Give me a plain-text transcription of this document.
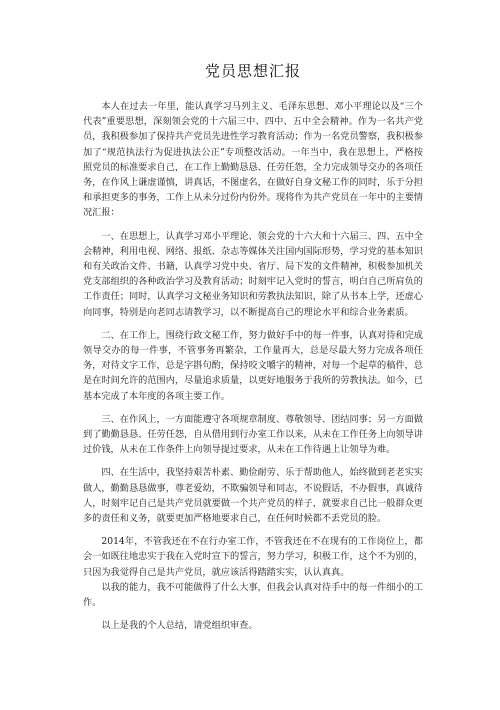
党员思想汇报

本人在过去一年里，能认真学习马列主义、毛泽东思想、邓小平理论以及“三个代表”重要思想，深刻领会党的十六届三中、四中、五中全会精神。作为一名共产党员，我积极参加了保持共产党员先进性学习教育活动；作为一名党员警察，我积极参加了“规范执法行为促进执法公正”专项整改活动。一年当中，我在思想上，严格按照党员的标准要求自己，在工作上勤勤恳恳、任劳任怨，全力完成领导交办的各项任务，在作风上谦虚谨慎，讲真话，不图虚名，在做好自身文秘工作的同时，乐于分担和承担更多的事务，工作上从未分过份内份外。现将作为共产党员在一年中的主要情况汇报：

一、在思想上，认真学习邓小平理论、领会党的十六大和十六届三、四、五中全会精神，利用电视、网络、报纸、杂志等媒体关注国内国际形势，学习党的基本知识和有关政治文件、书籍，认真学习党中央、省厅、局下发的文件精神，积极参加机关党支部组织的各种政治学习及教育活动；时刻牢记入党时的誓言，明白自己所肩负的工作责任；同时，认真学习文秘业务知识和劳教执法知识，除了从书本上学，还虚心向同事，特别是向老同志请教学习，以不断提高自己的理论水平和综合业务素质。

二、在工作上，围绕行政文秘工作，努力做好手中的每一件事，认真对待和完成领导交办的每一件事，不管事务再繁杂，工作量再大，总是尽最大努力完成各项任务，对待文字工作，总是字斟句酌，保持咬文嚼字的精神，对每一个起草的稿件，总是在时间允许的范围内，尽量追求质量，以更好地服务于我所的劳教执法。如今，已基本完成了本年度的各项主要工作。

三、在作风上，一方面能遵守各项规章制度、尊敬领导、团结同事；另一方面做到了勤勤恳恳、任劳任怨，自从借用到行办室工作以来，从未在工作任务上向领导讲过价钱，从未在工作条件上向领导提过要求，从未在工作待遇上让领导为难。

四、在生活中，我坚持艰苦朴素、勤俭耐劳、乐于帮助他人，始终做到老老实实做人，勤勤恳恳做事，尊老爱幼，不欺骗领导和同志，不说假话，不办假事，真诚待人，时刻牢记自己是共产党员就要做一个共产党员的样子，就要求自己比一般群众更多的责任和义务，就要更加严格地要求自己，在任何时候都不丢党员的脸。

2014年，不管我还在不在行办室工作，不管我还在不在现有的工作岗位上，都会一如既往地忠实于我在入党时宣下的誓言，努力学习，积极工作，这个不为别的，只因为我觉得自己是共产党员，就应该活得踏踏实实，认认真真。

以我的能力，我不可能做得了什么大事，但我会认真对待手中的每一件细小的工作。

以上是我的个人总结，请党组织审查。
